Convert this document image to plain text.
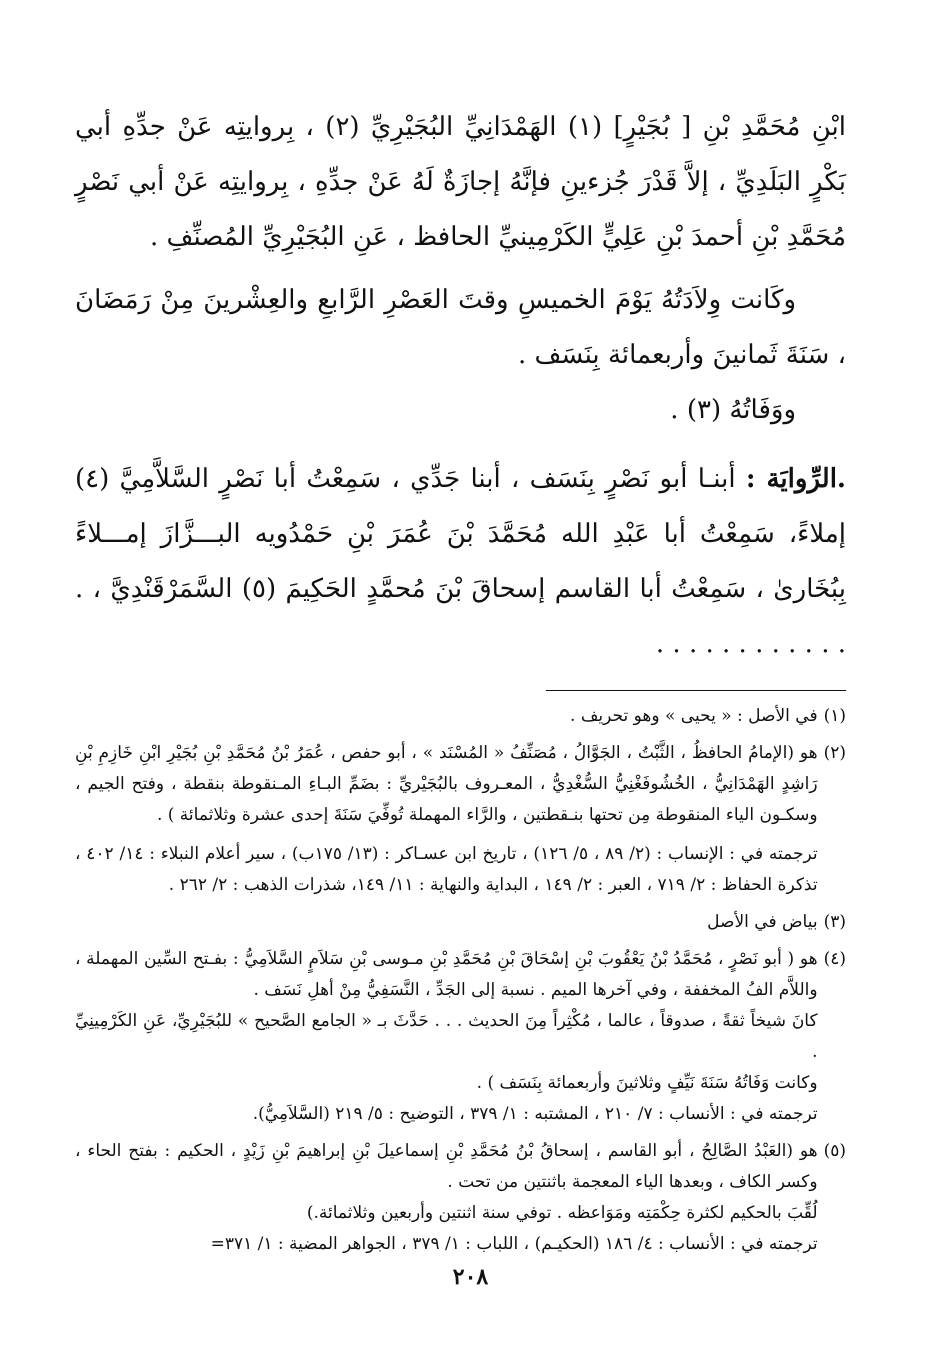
ابْنِ مُحَمَّدِ بْنِ [ بُجَيْرٍ] (١) الهَمْدَانِيِّ البُجَيْرِيِّ (٢) ، بِروايتِه عَنْ جدِّهِ أبي بَكْرٍ البَلَدِيِّ ، إلاَّ قَدْرَ جُزءينِ فإنَّهُ إجازَةٌ لَهُ عَنْ جدِّهِ ، بِروايتِه عَنْ أبي نَصْرٍ مُحَمَّدِ بْنِ أحمدَ بْنِ عَلِيٍّ الكَرْمِينيِّ الحافظ ، عَنِ البُجَيْرِيِّ المُصنِّفِ .

وكَانت وِلاَدَتُهُ يَوْمَ الخميسِ وقتَ العَصْرِ الرَّابعِ والعِشْرينَ مِنْ رَمَضَانَ ، سَنَةَ ثَمانينَ وأربعمائة بِنَسَف .

ووَفَاتُهُ (٣) .

.الرِّوايَة : أبنـا أبو نَصْرٍ بِنَسَف ، أبنا جَدِّي ، سَمِعْتُ أبا نَصْرٍ السَّلاَّمِيَّ (٤) إملاءً، سَمِعْتُ أبا عَبْدِ الله مُحَمَّدَ بْنَ عُمَرَ بْنِ حَمْدُويه البـــزَّازَ إمـــلاءً بِبُخَارىٰ ، سَمِعْتُ أبا القاسم إسحاقَ بْنَ مُحمَّدٍ الحَكِيمَ (٥) السَّمَرْقَنْدِيَّ ، . . . . . . . . . . . . .

(١)

في الأصل : « يحيى » وهو تحريف .

(٢)

هو (الإمامُ الحافظُ ، الثَّبْتُ ، الجَوَّالُ ، مُصَنِّفُ « المُسْنَد » ، أبو حفص ، عُمَرُ بْنُ مُحَمَّدِ بْنِ بُجَيْرِ ابْنِ خَازِمِ بْنِ رَاشِدٍ الهَمْدَانِيُّ ، الخُشُوفَغْنِيُّ السُّغْدِيُّ ، المعـروف بالبُجَيْريِّ : بضَمِّ البـاءِ المـنقوطة بنقطة ، وفتح الجيم ، وسكـون الياء المنقوطة مِن تحتها بنـقطتين ، والرَّاء المهملة تُوفِّيَ سَنَةَ إحدى عشرة وثلاثمائة ) .

ترجمته في : الإنساب : (٢/ ٨٩ ، ٥/ ١٢٦) ، تاريخ ابن عسـاكر : (١٣/ ١٧٥ب) ، سير أعلام النبلاء : ١٤/ ٤٠٢ ، تذكرة الحفاظ : ٢/ ٧١٩ ، العبر : ٢/ ١٤٩ ، البداية والنهاية : ١١/ ١٤٩، شذرات الذهب : ٢/ ٢٦٢ .

(٣)

بياض في الأصل

(٤)

هو ( أبو نَصْرٍ ، مُحَمَّدُ بْنُ يَعْقُوبَ بْنِ إسْحَاقَ بْنِ مُحَمَّدِ بْنِ مـوسى بْنِ سَلاَمٍ السَّلاَمِيُّ : بفـتح السِّين المهملة ، واللاَّم الفُ المخففة ، وفي آخرها الميم . نسبة إلى الجَدِّ ، النَّسَفِيُّ مِنْ أهلِ نَسَف .

كانَ شيخاً ثقةً ، صدوقاً ، عالما ، مُكْثِراً مِنَ الحديث . . . حَدَّثَ بـ « الجامع الصَّحيح » للبُجَيْرِيِّ، عَنِ الكَرْمِينِيِّ .

وكانت وَفَاتُهُ سَنَةَ نَيِّفٍ وثلاثينَ وأربعمائة بِنَسَف ) .

ترجمته في : الأنساب : ٧/ ٢١٠ ، المشتبه : ١/ ٣٧٩ ، التوضيح : ٥/ ٢١٩ (السَّلاَمِيُّ).

(٥)

هو (العَبْدُ الصَّالِحُ ، أبو القاسم ، إسحاقُ بْنُ مُحَمَّدِ بْنِ إسماعيلَ بْنِ إبراهيمَ بْنِ زَيْدٍ ، الحكيم : بفتح الحاء ، وكسر الكاف ، وبعدها الياء المعجمة باثنتين من تحت .

لُقِّبَ بالحكيم لكثرة حِكْمَتِه ومَوَاعظه . توفي سنة اثنتين وأربعين وثلاثمائة.)

ترجمته في : الأنساب : ٤/ ١٨٦ (الحكيـم) ، اللباب : ١/ ٣٧٩ ، الجواهر المضية : ١/ ٣٧١=

٢٠٨
